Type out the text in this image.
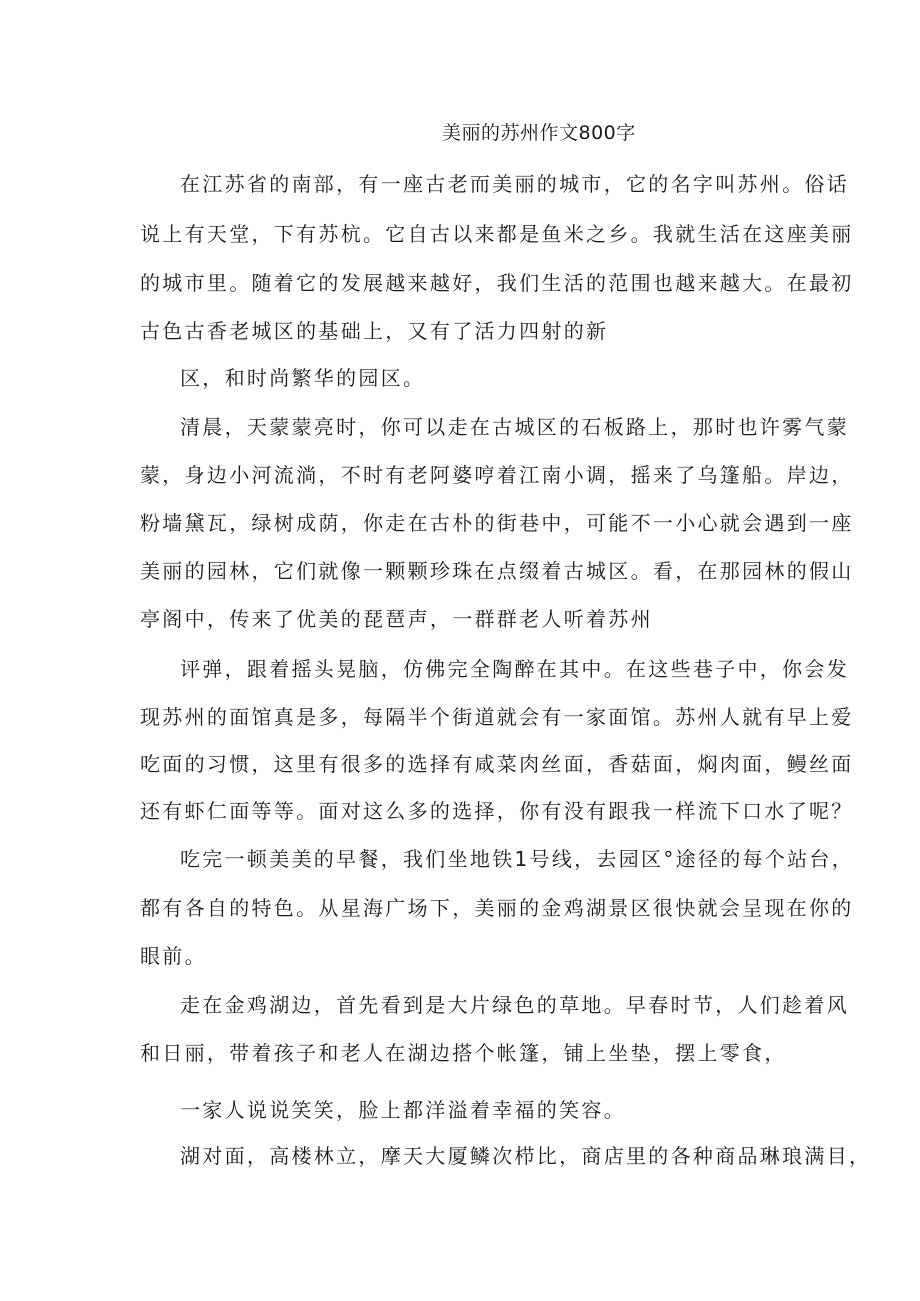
美丽的苏州作文800字

在江苏省的南部，有一座古老而美丽的城市，它的名字叫苏州。俗话

说上有天堂，下有苏杭。它自古以来都是鱼米之乡。我就生活在这座美丽

的城市里。随着它的发展越来越好，我们生活的范围也越来越大。在最初

古色古香老城区的基础上，又有了活力四射的新

区，和时尚繁华的园区。

清晨，天蒙蒙亮时，你可以走在古城区的石板路上，那时也许雾气蒙

蒙，身边小河流淌，不时有老阿婆哼着江南小调，摇来了乌篷船。岸边，

粉墙黛瓦，绿树成荫，你走在古朴的街巷中，可能不一小心就会遇到一座

美丽的园林，它们就像一颗颗珍珠在点缀着古城区。看，在那园林的假山

亭阁中，传来了优美的琵琶声，一群群老人听着苏州

评弹，跟着摇头晃脑，仿佛完全陶醉在其中。在这些巷子中，你会发

现苏州的面馆真是多，每隔半个街道就会有一家面馆。苏州人就有早上爱

吃面的习惯，这里有很多的选择有咸菜肉丝面，香菇面，焖肉面，鳗丝面

还有虾仁面等等。面对这么多的选择，你有没有跟我一样流下口水了呢？

吃完一顿美美的早餐，我们坐地铁1号线，去园区°途径的每个站台，

都有各自的特色。从星海广场下，美丽的金鸡湖景区很快就会呈现在你的

眼前。

走在金鸡湖边，首先看到是大片绿色的草地。早春时节，人们趁着风

和日丽，带着孩子和老人在湖边搭个帐篷，铺上坐垫，摆上零食，

一家人说说笑笑，脸上都洋溢着幸福的笑容。

湖对面，高楼林立，摩天大厦鳞次栉比，商店里的各种商品琳琅满目，
